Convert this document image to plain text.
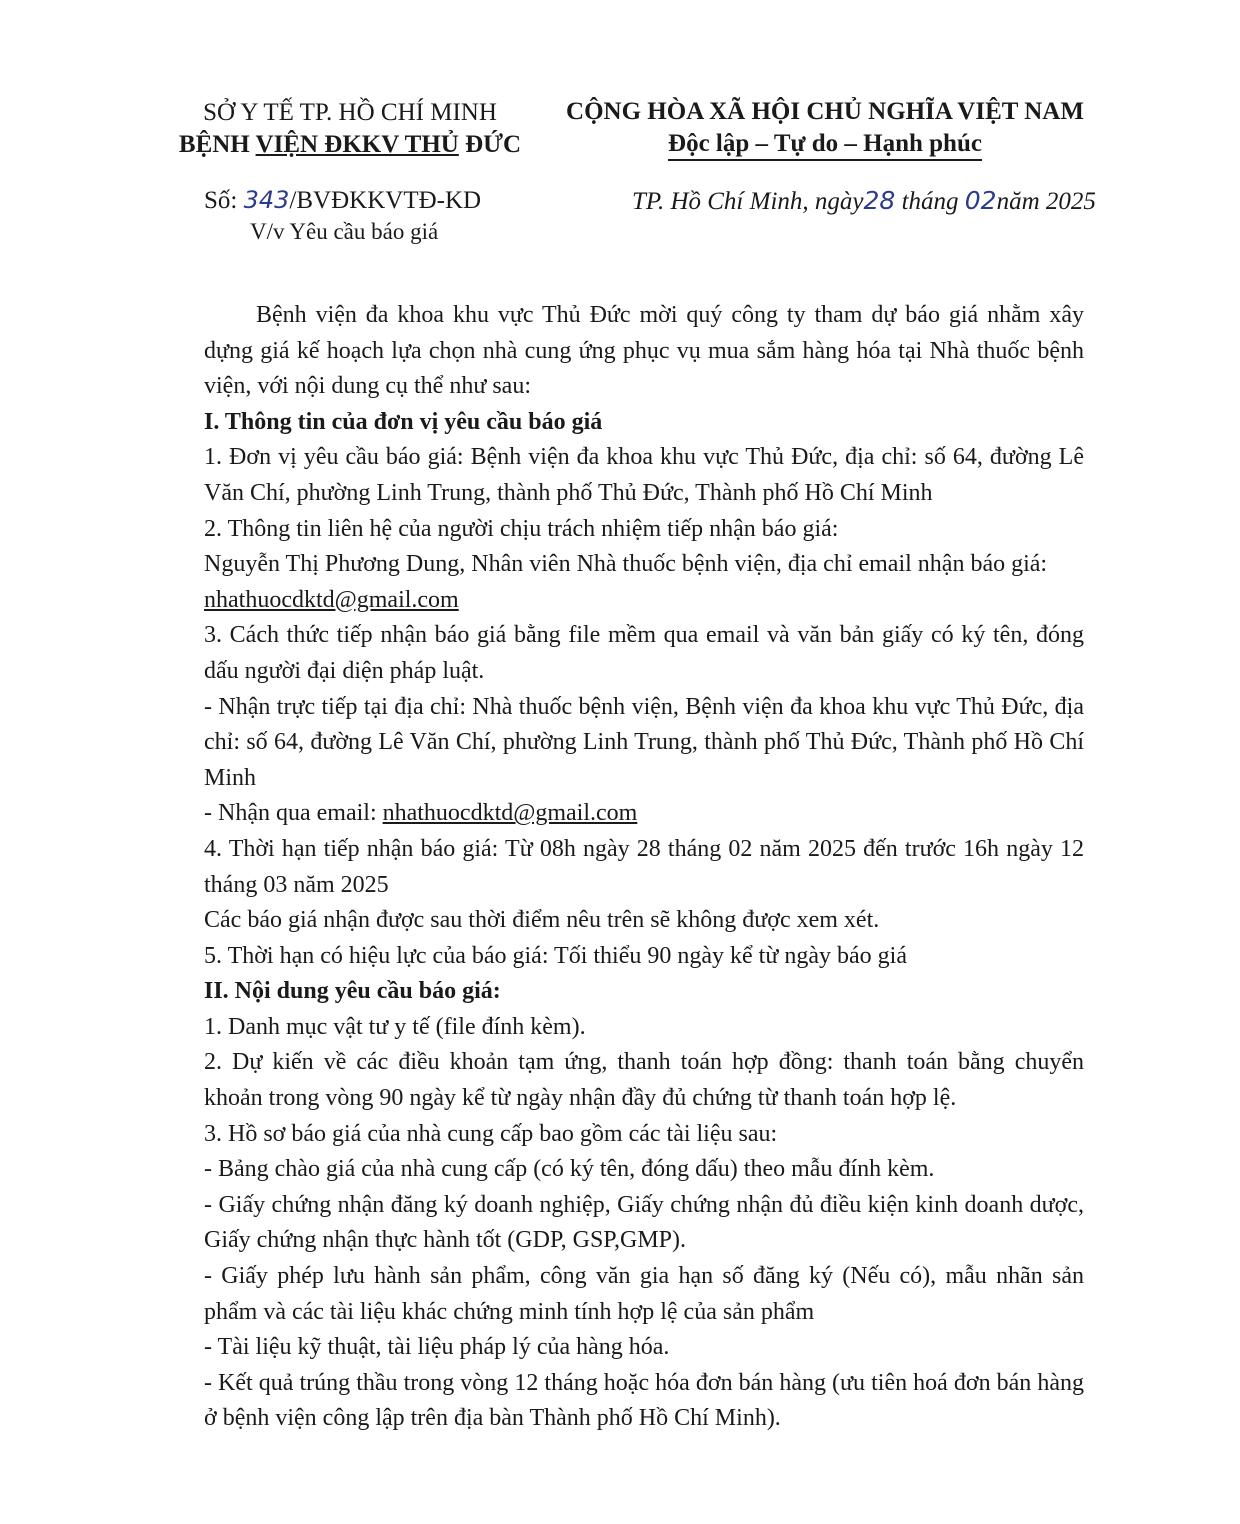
SỞ Y TẾ TP. HỒ CHÍ MINH
BỆNH VIỆN ĐKKV THỦ ĐỨC
CỘNG HÒA XÃ HỘI CHỦ NGHĨA VIỆT NAM
Độc lập – Tự do – Hạnh phúc
Số: 343/BVĐKKVTĐ-KD
V/v Yêu cầu báo giá
TP. Hồ Chí Minh, ngày28 tháng 02năm 2025

Bệnh viện đa khoa khu vực Thủ Đức mời quý công ty tham dự báo giá nhằm xây dựng giá kế hoạch lựa chọn nhà cung ứng phục vụ mua sắm hàng hóa tại Nhà thuốc bệnh viện, với nội dung cụ thể như sau:

I. Thông tin của đơn vị yêu cầu báo giá

1. Đơn vị yêu cầu báo giá: Bệnh viện đa khoa khu vực Thủ Đức, địa chỉ: số 64, đường Lê Văn Chí, phường Linh Trung, thành phố Thủ Đức, Thành phố Hồ Chí Minh

2. Thông tin liên hệ của người chịu trách nhiệm tiếp nhận báo giá:

Nguyễn Thị Phương Dung, Nhân viên Nhà thuốc bệnh viện, địa chỉ email nhận báo giá:

nhathuocdktd@gmail.com

3. Cách thức tiếp nhận báo giá bằng file mềm qua email và văn bản giấy có ký tên, đóng dấu người đại diện pháp luật.

- Nhận trực tiếp tại địa chỉ: Nhà thuốc bệnh viện, Bệnh viện đa khoa khu vực Thủ Đức, địa chỉ: số 64, đường Lê Văn Chí, phường Linh Trung, thành phố Thủ Đức, Thành phố Hồ Chí Minh

- Nhận qua email: nhathuocdktd@gmail.com

4. Thời hạn tiếp nhận báo giá: Từ 08h ngày 28 tháng 02 năm 2025 đến trước 16h ngày 12 tháng 03 năm 2025

Các báo giá nhận được sau thời điểm nêu trên sẽ không được xem xét.

5. Thời hạn có hiệu lực của báo giá: Tối thiểu 90 ngày kể từ ngày báo giá

II. Nội dung yêu cầu báo giá:

1. Danh mục vật tư y tế (file đính kèm).

2. Dự kiến về các điều khoản tạm ứng, thanh toán hợp đồng: thanh toán bằng chuyển khoản trong vòng 90 ngày kể từ ngày nhận đầy đủ chứng từ thanh toán hợp lệ.

3. Hồ sơ báo giá của nhà cung cấp bao gồm các tài liệu sau:

- Bảng chào giá của nhà cung cấp (có ký tên, đóng dấu) theo mẫu đính kèm.

- Giấy chứng nhận đăng ký doanh nghiệp, Giấy chứng nhận đủ điều kiện kinh doanh dược, Giấy chứng nhận thực hành tốt (GDP, GSP,GMP).

- Giấy phép lưu hành sản phẩm, công văn gia hạn số đăng ký (Nếu có), mẫu nhãn sản phẩm và các tài liệu khác chứng minh tính hợp lệ của sản phẩm

- Tài liệu kỹ thuật, tài liệu pháp lý của hàng hóa.

- Kết quả trúng thầu trong vòng 12 tháng hoặc hóa đơn bán hàng (ưu tiên hoá đơn bán hàng ở bệnh viện công lập trên địa bàn Thành phố Hồ Chí Minh).
